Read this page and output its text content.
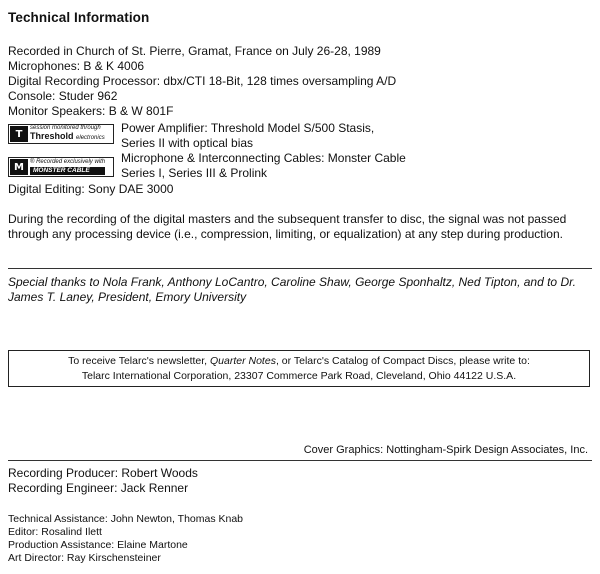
Technical Information
Recorded in Church of St. Pierre, Gramat, France on July 26-28, 1989
Microphones: B & K 4006
Digital Recording Processor: dbx/CTI 18-Bit, 128 times oversampling A/D
Console: Studer 962
Monitor Speakers: B & W 801F
T
session monitored through
Threshold electronics
Power Amplifier: Threshold Model S/500 Stasis,
Series II with optical bias
M	® Recorded exclusively with
MONSTER CABLE
Microphone & Interconnecting Cables: Monster Cable
Series I, Series III & Prolink
Digital Editing: Sony DAE 3000
During the recording of the digital masters and the subsequent transfer to disc, the signal was not passed through any processing device (i.e., compression, limiting, or equalization) at any step during production.
Special thanks to Nola Frank, Anthony LoCantro, Caroline Shaw, George Sponhaltz, Ned Tipton, and to Dr. James T. Laney, President, Emory University
To receive Telarc's newsletter, Quarter Notes, or Telarc's Catalog of Compact Discs, please write to:
Telarc International Corporation, 23307 Commerce Park Road, Cleveland, Ohio 44122 U.S.A.
Cover Graphics: Nottingham-Spirk Design Associates, Inc.
Recording Producer: Robert Woods
Recording Engineer: Jack Renner
Technical Assistance: John Newton, Thomas Knab
Editor: Rosalind Ilett
Production Assistance: Elaine Martone
Art Director: Ray Kirschensteiner
